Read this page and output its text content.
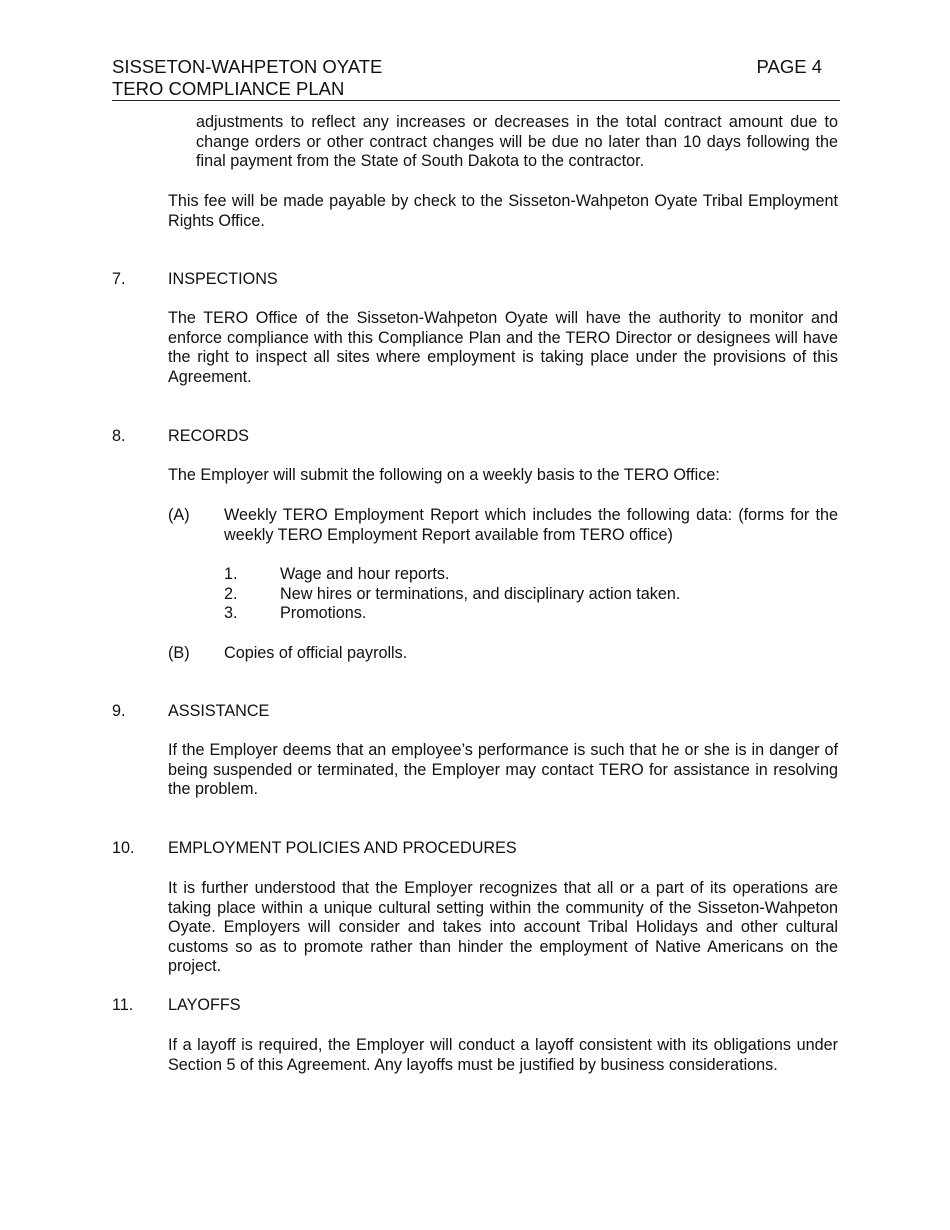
SISSETON-WAHPETON OYATE
TERO COMPLIANCE PLAN
PAGE 4

adjustments to reflect any increases or decreases in the total contract amount due to change orders or other contract changes will be due no later than 10 days following the final payment from the State of South Dakota to the contractor.

This fee will be made payable by check to the Sisseton-Wahpeton Oyate Tribal Employment Rights Office.

7.	INSPECTIONS

The TERO Office of the Sisseton-Wahpeton Oyate will have the authority to monitor and enforce compliance with this Compliance Plan and the TERO Director or designees will have the right to inspect all sites where employment is taking place under the provisions of this Agreement.

8.	RECORDS

The Employer will submit the following on a weekly basis to the TERO Office:

(A) Weekly TERO Employment Report which includes the following data: (forms for the weekly TERO Employment Report available from TERO office)

1.	Wage and hour reports.
2.	New hires or terminations, and disciplinary action taken.
3.	Promotions.
(B) Copies of official payrolls.
9.	ASSISTANCE

If the Employer deems that an employee’s performance is such that he or she is in danger of being suspended or terminated, the Employer may contact TERO for assistance in resolving the problem.

10. EMPLOYMENT POLICIES AND PROCEDURES

It is further understood that the Employer recognizes that all or a part of its operations are taking place within a unique cultural setting within the community of the Sisseton-Wahpeton Oyate. Employers will consider and takes into account Tribal Holidays and other cultural customs so as to promote rather than hinder the employment of Native Americans on the project.

11. LAYOFFS

If a layoff is required, the Employer will conduct a layoff consistent with its obligations under Section 5 of this Agreement. Any layoffs must be justified by business considerations.
